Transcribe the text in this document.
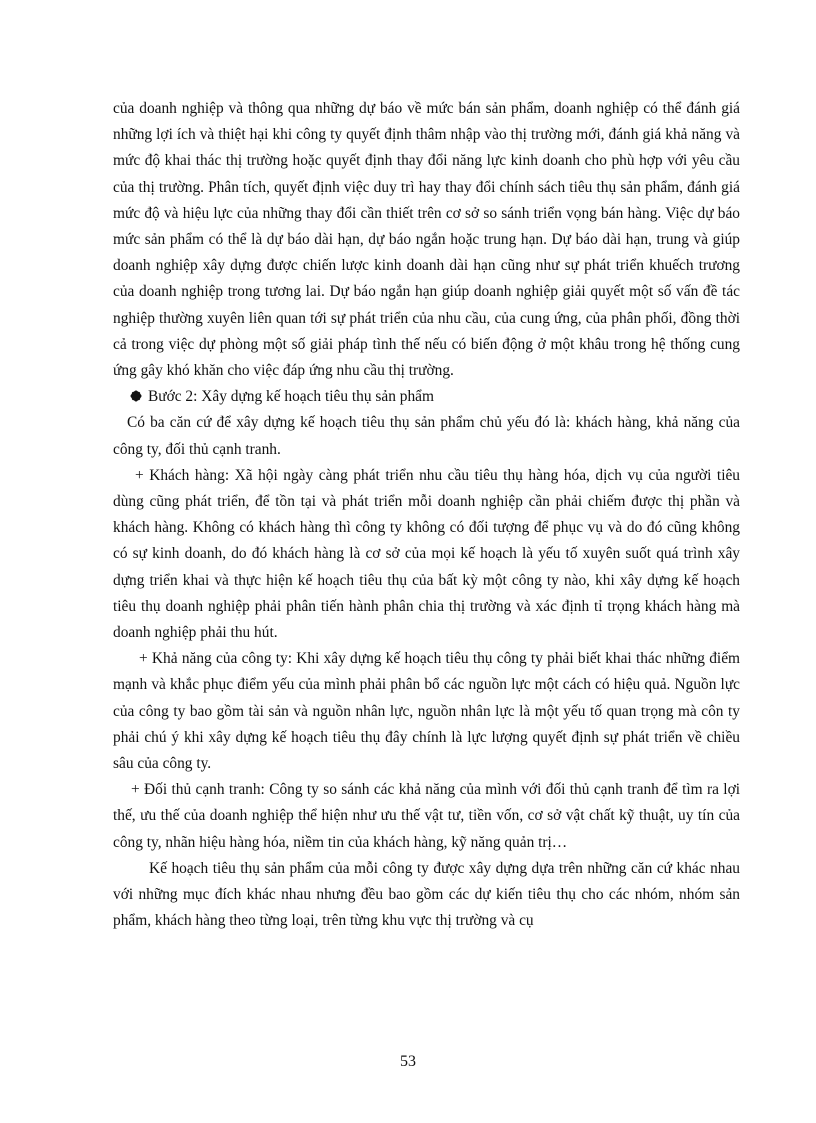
của doanh nghiệp và thông qua những dự báo về mức bán sản phẩm, doanh nghiệp có thể đánh giá những lợi ích và thiệt hại khi công ty quyết định thâm nhập vào thị trường mới, đánh giá khả năng và mức độ khai thác thị trường hoặc quyết định thay đổi năng lực kinh doanh cho phù hợp với yêu cầu của thị trường. Phân tích, quyết định việc duy trì hay thay đổi chính sách tiêu thụ sản phẩm, đánh giá mức độ và hiệu lực của những thay đổi cần thiết trên cơ sở so sánh triển vọng bán hàng. Việc dự báo mức sản phẩm có thể là dự báo dài hạn, dự báo ngắn hoặc trung hạn. Dự báo dài hạn, trung và giúp doanh nghiệp xây dựng được chiến lược kinh doanh dài hạn cũng như sự phát triển khuếch trương của doanh nghiệp trong tương lai. Dự báo ngắn hạn giúp doanh nghiệp giải quyết một số vấn đề tác nghiệp thường xuyên liên quan tới sự phát triển của nhu cầu, của cung ứng, của phân phối, đồng thời cả trong việc dự phòng một số giải pháp tình thế nếu có biến động ở một khâu trong hệ thống cung ứng gây khó khăn cho việc đáp ứng nhu cầu thị trường.

Bước 2: Xây dựng kế hoạch tiêu thụ sản phẩm

Có ba căn cứ để xây dựng kế hoạch tiêu thụ sản phẩm chủ yếu đó là: khách hàng, khả năng của công ty, đối thủ cạnh tranh.

+ Khách hàng: Xã hội ngày càng phát triển nhu cầu tiêu thụ hàng hóa, dịch vụ của người tiêu dùng cũng phát triển, để tồn tại và phát triển mỗi doanh nghiệp cần phải chiếm được thị phần và khách hàng. Không có khách hàng thì công ty không có đối tượng để phục vụ và do đó cũng không có sự kinh doanh, do đó khách hàng là cơ sở của mọi kế hoạch là yếu tố xuyên suốt quá trình xây dựng triển khai và thực hiện kế hoạch tiêu thụ của bất kỳ một công ty nào, khi xây dựng kế hoạch tiêu thụ doanh nghiệp phải phân tiến hành phân chia thị trường và xác định tỉ trọng khách hàng mà doanh nghiệp phải thu hút.

+ Khả năng của công ty: Khi xây dựng kế hoạch tiêu thụ công ty phải biết khai thác những điểm mạnh và khắc phục điểm yếu của mình phải phân bổ các nguồn lực một cách có hiệu quả. Nguồn lực của công ty bao gồm tài sản và nguồn nhân lực, nguồn nhân lực là một yếu tố quan trọng mà côn ty phải chú ý khi xây dựng kế hoạch tiêu thụ đây chính là lực lượng quyết định sự phát triển về chiều sâu của công ty.

+ Đối thủ cạnh tranh: Công ty so sánh các khả năng của mình với đối thủ cạnh tranh để tìm ra lợi thế, ưu thế của doanh nghiệp thể hiện như ưu thế vật tư, tiền vốn, cơ sở vật chất kỹ thuật, uy tín của công ty, nhãn hiệu hàng hóa, niềm tin của khách hàng, kỹ năng quản trị…

Kế hoạch tiêu thụ sản phẩm của mỗi công ty được xây dựng dựa trên những căn cứ khác nhau với những mục đích khác nhau nhưng đều bao gồm các dự kiến tiêu thụ cho các nhóm, nhóm sản phẩm, khách hàng theo từng loại, trên từng khu vực thị trường và cụ

53
